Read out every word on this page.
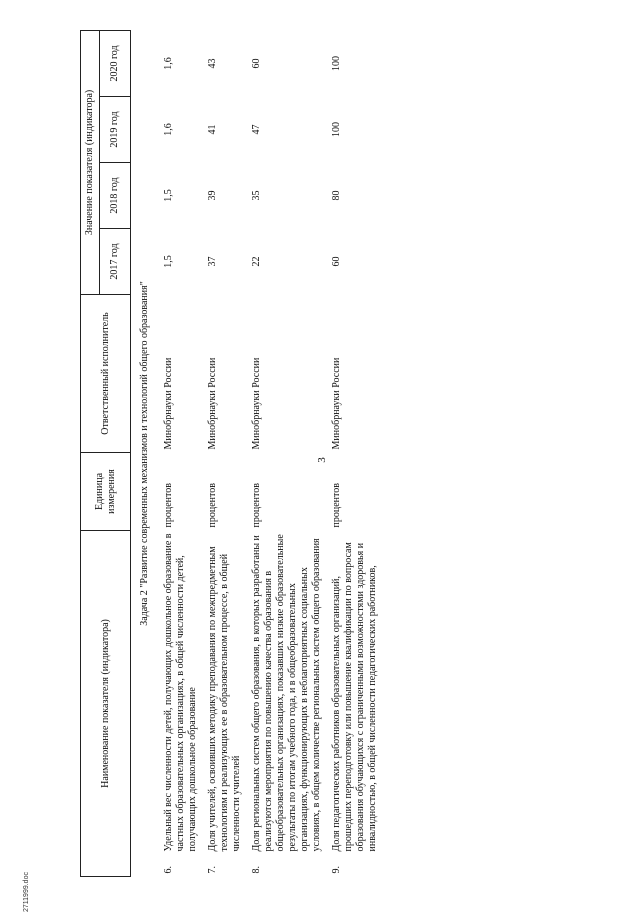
3
2711999.doc
Наименование показателя (индикатора)		Единица измерения	Ответственный исполнитель	Значение показателя (индикатора)			
				2017 год	2018 год	2019 год	2020 год
Задача 2 "Развитие современных механизмов и технологий общего образования"							
6.	Удельный вес численности детей, получающих дошкольное образование в частных образовательных организациях, в общей численности детей, получающих дошкольное образование	процентов	Минобрнауки России	1,5	1,5	1,6	1,6
7.	Доля учителей, освоивших методику преподавания по межпредметным технологиям и реализующих ее в образовательном процессе, в общей численности учителей	процентов	Минобрнауки России	37	39	41	43
8.	Доля региональных систем общего образования, в которых разработаны и реализуются мероприятия по повышению качества образования в общеобразовательных организациях, показавших низкие образовательные результаты по итогам учебного года, и в общеобразовательных организациях, функционирующих в неблагоприятных социальных условиях, в общем количестве региональных систем общего образования	процентов	Минобрнауки России	22	35	47	60
9.	Доля педагогических работников образовательных организаций, прошедших переподготовку или повышение квалификации по вопросам образования обучающихся с ограниченными возможностями здоровья и инвалидностью, в общей численности педагогических работников,	процентов	Минобрнауки России	60	80	100	100
